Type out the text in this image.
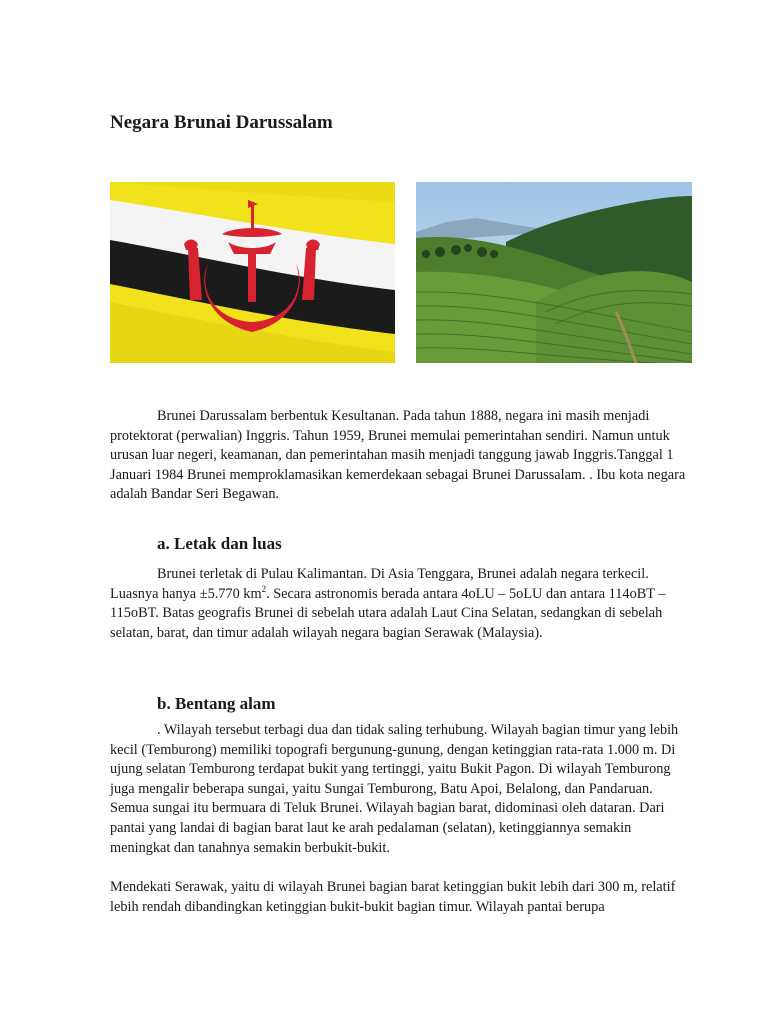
Negara Brunai Darussalam

Brunei Darussalam berbentuk Kesultanan. Pada tahun 1888, negara ini masih menjadi protektorat (perwalian) Inggris. Tahun 1959, Brunei memulai pemerintahan sendiri. Namun untuk urusan luar negeri, keamanan, dan pemerintahan masih menjadi tanggung jawab Inggris.Tanggal 1 Januari 1984 Brunei memproklamasikan kemerdekaan sebagai Brunei Darussalam. . Ibu kota negara adalah Bandar Seri Begawan.

a. Letak dan luas

Brunei terletak di Pulau Kalimantan. Di Asia Tenggara, Brunei adalah negara terkecil. Luasnya hanya ±5.770 $km^2$. Secara astronomis berada antara 4oLU – 5oLU dan antara 114oBT – 115oBT. Batas geografis Brunei di sebelah utara adalah Laut Cina Selatan, sedangkan di sebelah selatan, barat, dan timur adalah wilayah negara bagian Serawak (Malaysia).

b. Bentang alam

. Wilayah tersebut terbagi dua dan tidak saling terhubung. Wilayah bagian timur yang lebih kecil (Temburong) memiliki topografi bergunung-gunung, dengan ketinggian rata-rata 1.000 m. Di ujung selatan Temburong terdapat bukit yang tertinggi, yaitu Bukit Pagon. Di wilayah Temburong juga mengalir beberapa sungai, yaitu Sungai Temburong, Batu Apoi, Belalong, dan Pandaruan. Semua sungai itu bermuara di Teluk Brunei. Wilayah bagian barat, didominasi oleh dataran. Dari pantai yang landai di bagian barat laut ke arah pedalaman (selatan), ketinggiannya semakin meningkat dan tanahnya semakin berbukit-bukit.

Mendekati Serawak, yaitu di wilayah Brunei bagian barat ketinggian bukit lebih dari 300 m, relatif lebih rendah dibandingkan ketinggian bukit-bukit bagian timur. Wilayah pantai berupa
